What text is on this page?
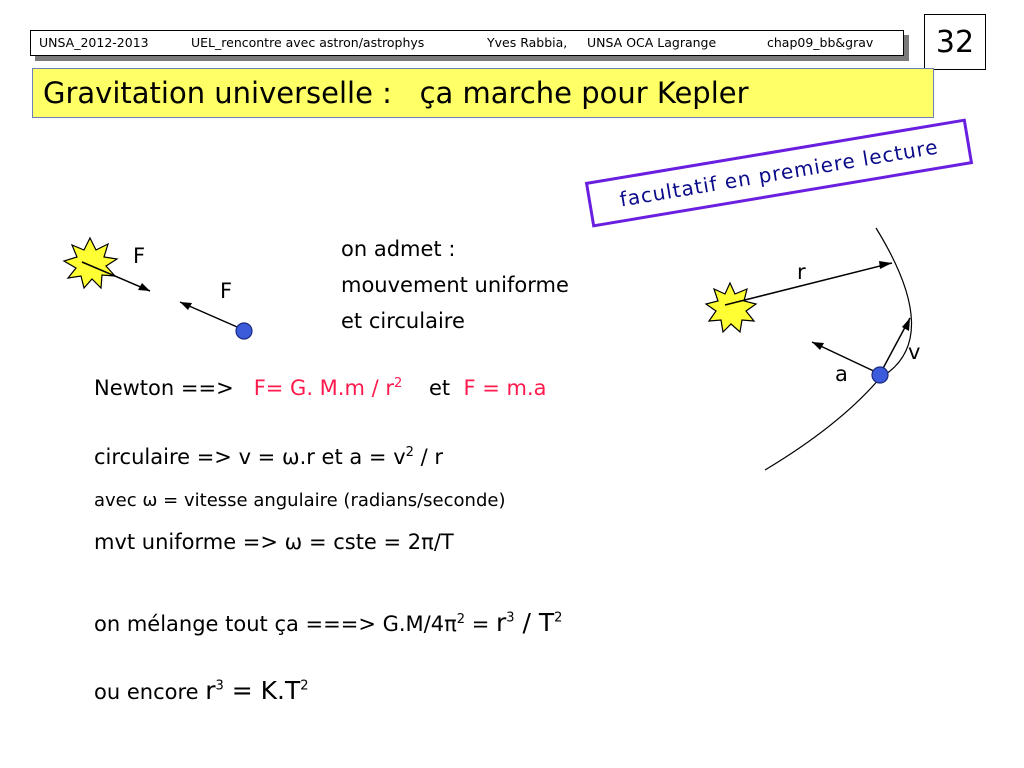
UNSA_2012-2013	UEL_rencontre avec astron/astrophys	Yves Rabbia, UNSA OCA Lagrange	chap09_bb&grav	32
Gravitation universelle :   ça marche pour Kepler
facultatif en premiere lecture
F
F
on admet :
mouvement uniforme
et circulaire
r
v
a
Newton ==> F= G. $M.m / r^2$ et F = m.a
circulaire => v = ω.r et $a = v^2 / r$
avec ω = vitesse angulaire (radians/seconde)
mvt uniforme => ω = cste = 2π/T
on mélange tout ça ===> $G.M/4\pi^2 = r^3 / T^2$
ou encore $r^3 = K.T^2$
